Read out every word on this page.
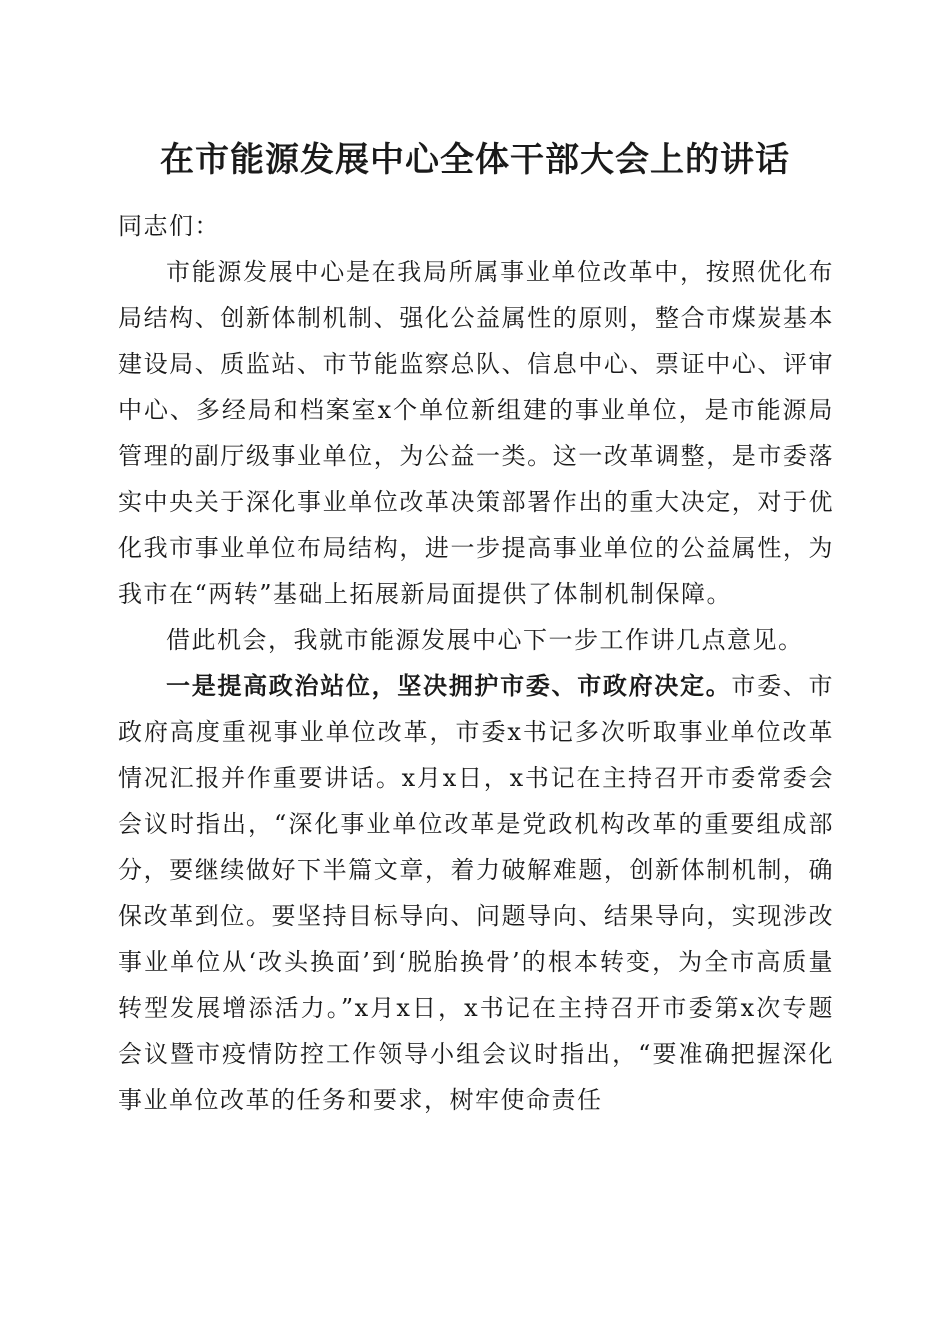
在市能源发展中心全体干部大会上的讲话

同志们：

市能源发展中心是在我局所属事业单位改革中，按照优化布局结构、创新体制机制、强化公益属性的原则，整合市煤炭基本建设局、质监站、市节能监察总队、信息中心、票证中心、评审中心、多经局和档案室x个单位新组建的事业单位，是市能源局管理的副厅级事业单位，为公益一类。这一改革调整，是市委落实中央关于深化事业单位改革决策部署作出的重大决定，对于优化我市事业单位布局结构，进一步提高事业单位的公益属性，为我市在“两转”基础上拓展新局面提供了体制机制保障。

借此机会，我就市能源发展中心下一步工作讲几点意见。

一是提高政治站位，坚决拥护市委、市政府决定。市委、市政府高度重视事业单位改革，市委x书记多次听取事业单位改革情况汇报并作重要讲话。x月x日，x书记在主持召开市委常委会会议时指出，“深化事业单位改革是党政机构改革的重要组成部分，要继续做好下半篇文章，着力破解难题，创新体制机制，确保改革到位。要坚持目标导向、问题导向、结果导向，实现涉改事业单位从‘改头换面’到‘脱胎换骨’的根本转变，为全市高质量转型发展增添活力。”x月x日，x书记在主持召开市委第x次专题会议暨市疫情防控工作领导小组会议时指出，“要准确把握深化事业单位改革的任务和要求，树牢使命责任
